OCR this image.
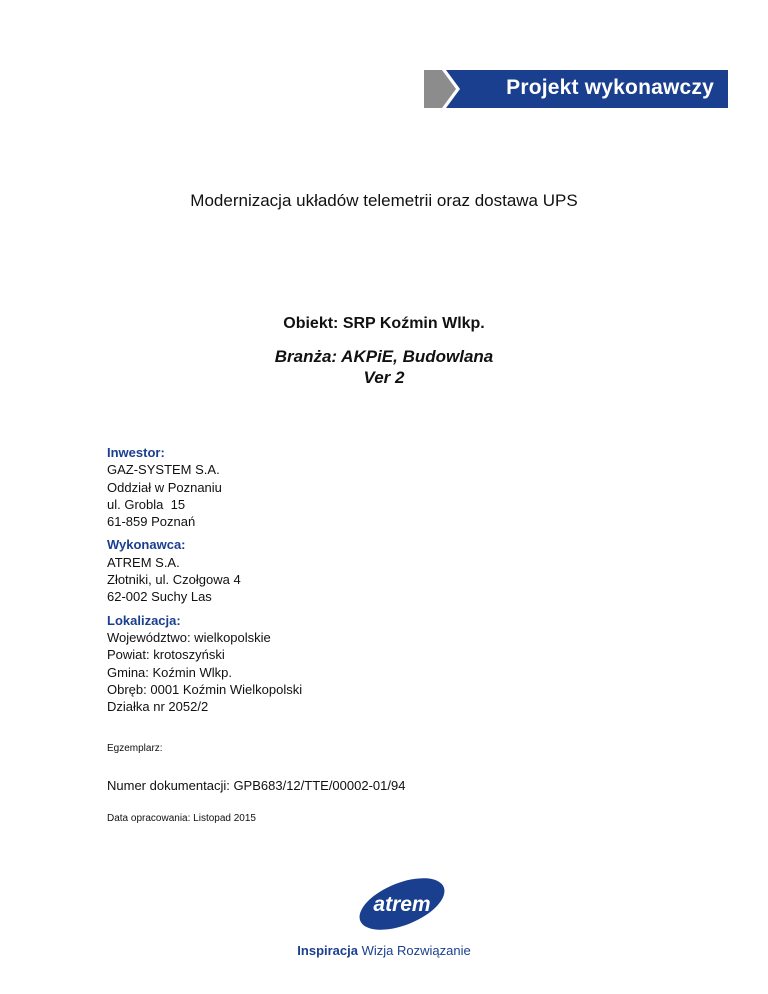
Projekt wykonawczy
Modernizacja układów telemetrii oraz dostawa UPS
Obiekt: SRP Koźmin Wlkp.
Branża: AKPiE, Budowlana
Ver 2
Inwestor:
GAZ-SYSTEM S.A.
Oddział w Poznaniu
ul. Grobla  15
61-859 Poznań
Wykonawca:
ATREM S.A.
Złotniki, ul. Czołgowa 4
62-002 Suchy Las
Lokalizacja:
Województwo: wielkopolskie
Powiat: krotoszyński
Gmina: Koźmin Wlkp.
Obręb: 0001 Koźmin Wielkopolski
Działka nr 2052/2
Egzemplarz:
Numer dokumentacji: GPB683/12/TTE/00002-01/94
Data opracowania: Listopad 2015
atrem
Inspiracja Wizja Rozwiązanie
